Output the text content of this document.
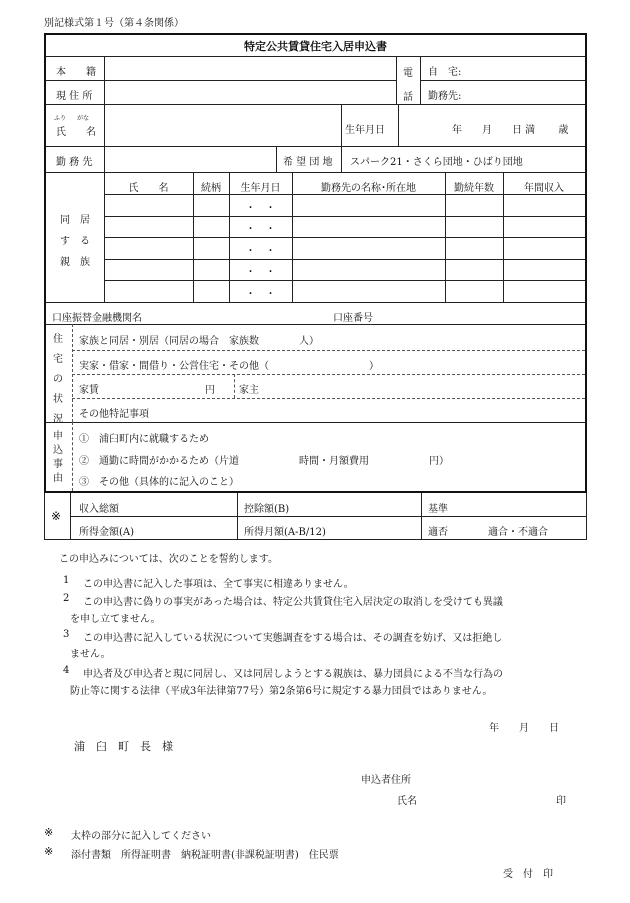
別記様式第１号（第４条関係）
特定公共賃貸住宅入居申込書
本　　籍
現 住 所
電
話
自　宅:
勤務先:
ふり がな
氏　　名	生年月日	年　　月　　日 満　　 歳
勤 務 先	希 望 団 地 スパーク21・さくら団地・ひばり団地
同　居
す　る
親　族
氏　　名	続柄	生年月日	勤務先の名称･所在地	勤続年数	年間収入
・　・
・　・
・　・
・　・
・　・
口座振替金融機関名	口座番号
住
宅
の
状
況
家族と同居・別居（同居の場合　家族数　　　　人）
実家・借家・間借り・公営住宅・その他（　　　　　　　　　　）
家賃	円 家主
その他特記事項
申
込
事
由
①　浦臼町内に就職するため
②　通勤に時間がかかるため（片道　　　　　　時間・月額費用　　　　　　円）
③　その他（具体的に記入のこと）
※ 収入総額	控除額(B)	基準
所得金額(A)	所得月額(A-B/12)	適否	適合・不適合
この申込みについては、次のことを誓約します。
1 この申込書に記入した事項は、全て事実に相違ありません。
2 この申込書に偽りの事実があった場合は、特定公共賃貸住宅入居決定の取消しを受けても異議
を申し立てません。
3 この申込書に記入している状況について実態調査をする場合は、その調査を妨げ、又は拒絶し
ません。
4 申込者及び申込者と現に同居し、又は同居しようとする親族は、暴力団員による不当な行為の
防止等に関する法律（平成3年法律第77号）第2条第6号に規定する暴力団員ではありません。
年　　月　　日
浦　臼　町　長　様
申込者住所
氏名	印
※ 太枠の部分に記入してください
※ 添付書類　所得証明書　納税証明書(非課税証明書)　住民票
受　付　印
